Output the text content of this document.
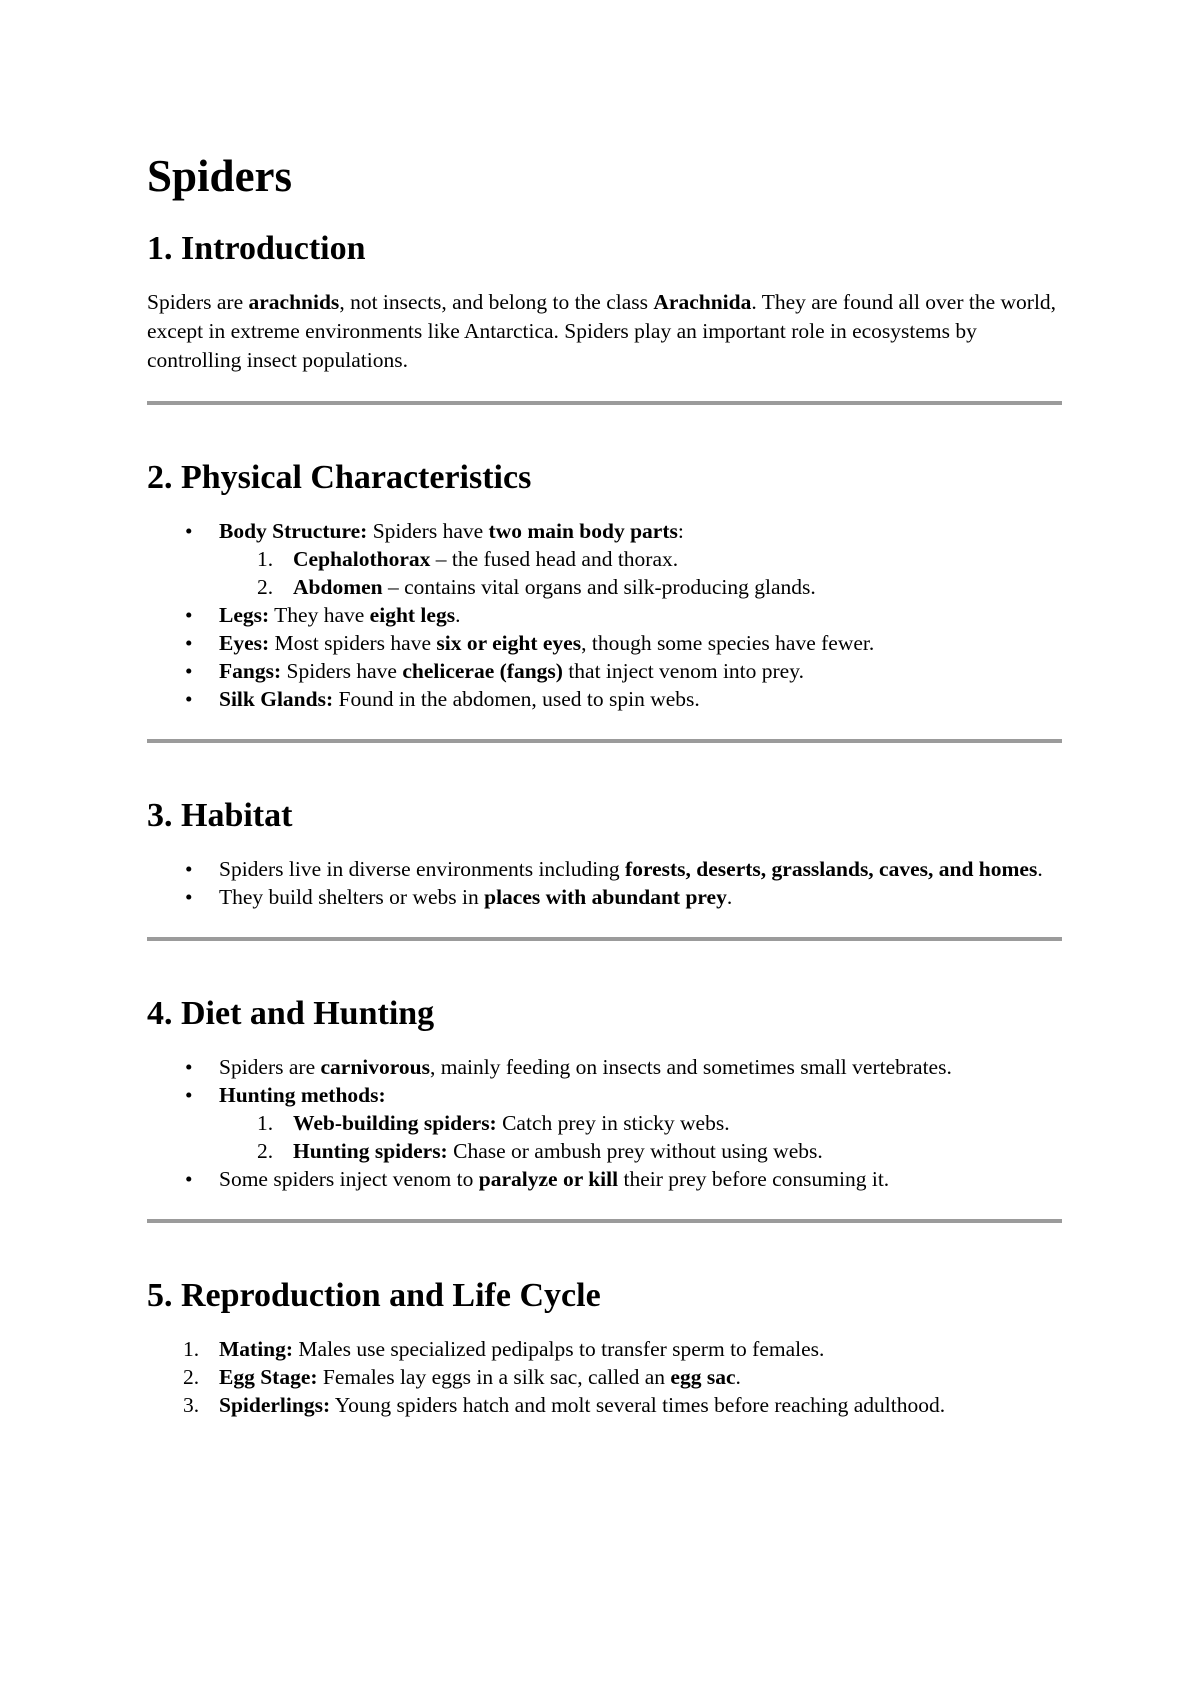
Spiders
1. Introduction

Spiders are arachnids, not insects, and belong to the class Arachnida. They are found all over the world, except in extreme environments like Antarctica. Spiders play an important role in ecosystems by controlling insect populations.

2. Physical Characteristics
• Body Structure: Spiders have two main body parts:
1. Cephalothorax – the fused head and thorax.
2. Abdomen – contains vital organs and silk-producing glands.
• Legs: They have eight legs.
• Eyes: Most spiders have six or eight eyes, though some species have fewer.
• Fangs: Spiders have chelicerae (fangs) that inject venom into prey.
• Silk Glands: Found in the abdomen, used to spin webs.
3. Habitat
• Spiders live in diverse environments including forests, deserts, grasslands, caves, and homes.
• They build shelters or webs in places with abundant prey.
4. Diet and Hunting
• Spiders are carnivorous, mainly feeding on insects and sometimes small vertebrates.
• Hunting methods:
1. Web-building spiders: Catch prey in sticky webs.
2. Hunting spiders: Chase or ambush prey without using webs.
• Some spiders inject venom to paralyze or kill their prey before consuming it.
5. Reproduction and Life Cycle
1. Mating: Males use specialized pedipalps to transfer sperm to females.
2. Egg Stage: Females lay eggs in a silk sac, called an egg sac.
3. Spiderlings: Young spiders hatch and molt several times before reaching adulthood.
